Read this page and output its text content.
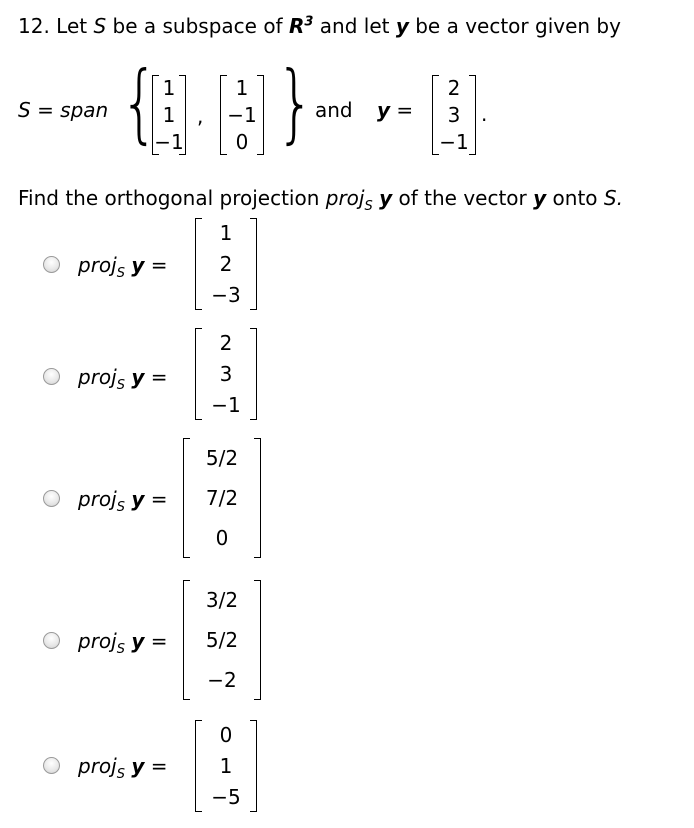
12. Let S be a subspace of $R^3$ and let y be a vector given by
S = span { 1
1
−1
,
1
−1
0 } and y =
2
3
−1
.
Find the orthogonal projection proj$_S$ y of the vector y onto S.
proj$_S$ y =
1
2
−3
proj$_S$ y =
2
3
−1
proj$_S$ y =
5/2
7/2
0
proj$_S$ y =
3/2
5/2
−2
proj$_S$ y =
0
1
−5
